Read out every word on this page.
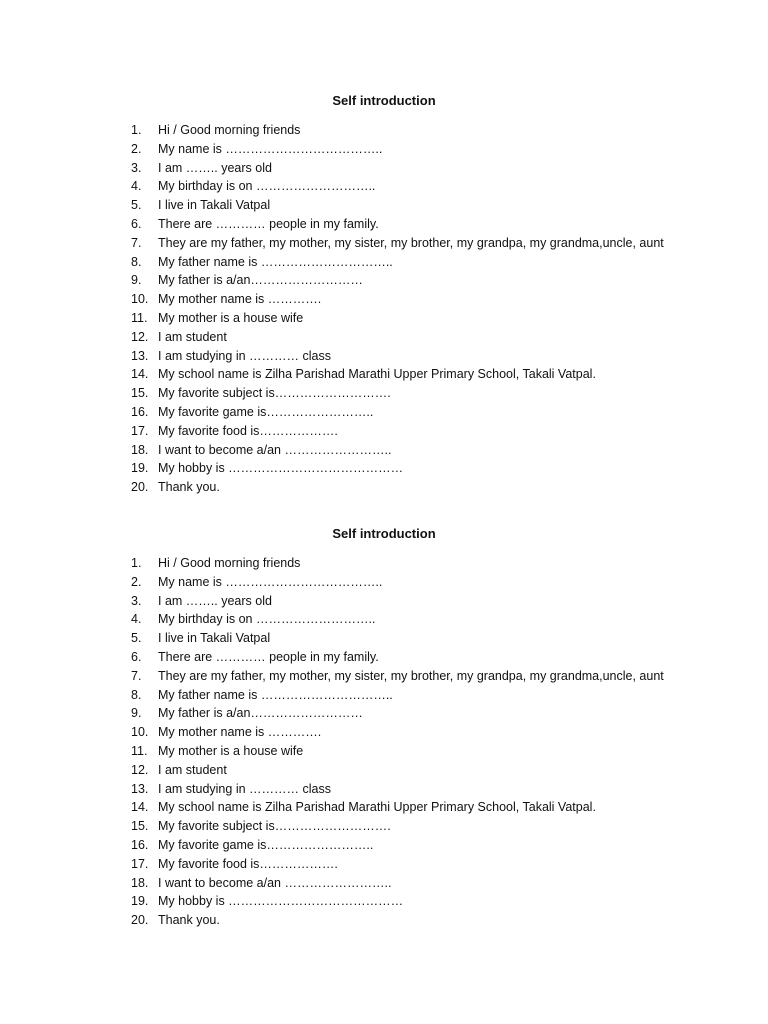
Self introduction
1.	Hi / Good morning friends
2.	My name is ………………………………..
3.	I am …….. years old
4.	My birthday is on ………………………..
5.	I live in Takali Vatpal
6.	There are ………… people in my family.
7.	They are my father, my mother, my sister, my brother, my grandpa, my grandma,uncle, aunt
8.	My father name is …………………………..
9.	My father is a/an………………………
10. My mother name is ………….
11. My mother is a house wife
12. I am student
13. I am studying in ………… class
14. My school name is Zilha Parishad Marathi Upper Primary School, Takali Vatpal.
15. My favorite subject is……………………….
16. My favorite game is……………………..
17. My favorite food is……………….
18. I want to become a/an ……………………..
19. My hobby is ……………………………………
20. Thank you.
Self introduction
1.	Hi / Good morning friends
2.	My name is ………………………………..
3.	I am …….. years old
4.	My birthday is on ………………………..
5.	I live in Takali Vatpal
6.	There are ………… people in my family.
7.	They are my father, my mother, my sister, my brother, my grandpa, my grandma,uncle, aunt
8.	My father name is …………………………..
9.	My father is a/an………………………
10. My mother name is ………….
11. My mother is a house wife
12. I am student
13. I am studying in ………… class
14. My school name is Zilha Parishad Marathi Upper Primary School, Takali Vatpal.
15. My favorite subject is……………………….
16. My favorite game is……………………..
17. My favorite food is……………….
18. I want to become a/an ……………………..
19. My hobby is ……………………………………
20. Thank you.
